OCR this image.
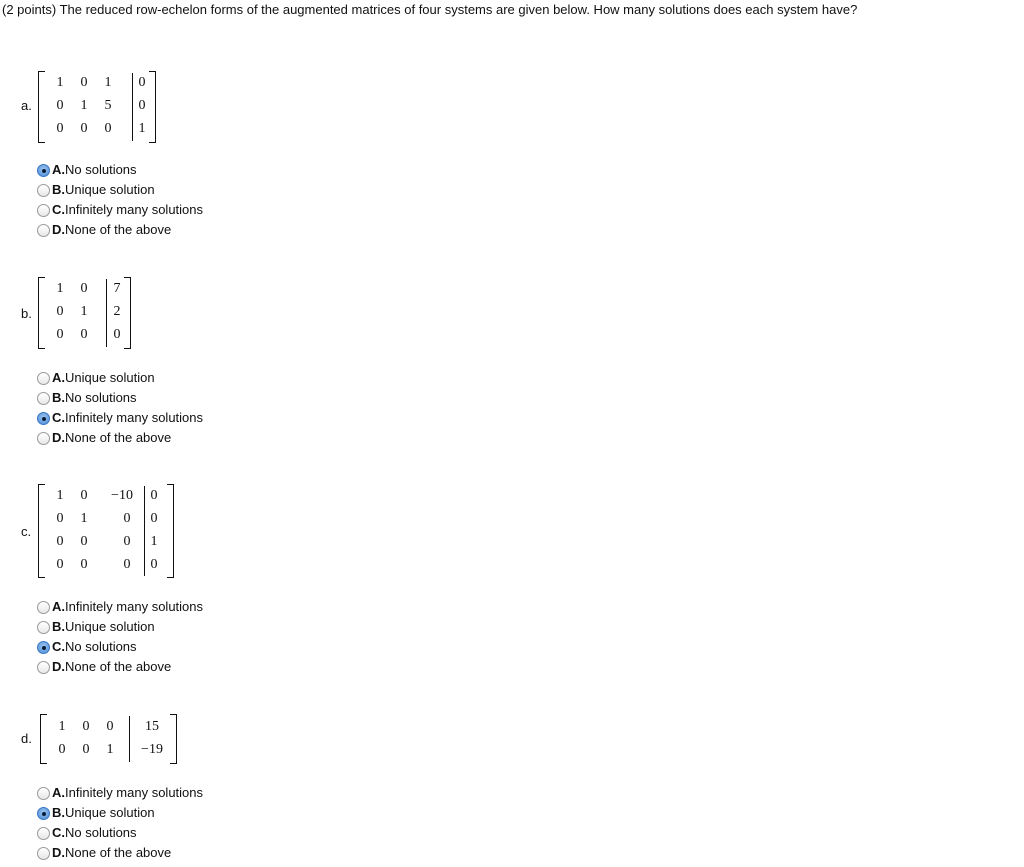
(2 points) The reduced row-echelon forms of the augmented matrices of four systems are given below. How many solutions does each system have?
a.
1 0 1 0
0 1 5 0
0 0 0 1
A. No solutions
B. Unique solution
C. Infinitely many solutions
D. None of the above
b.
1 0 7
0 1 2
0 0 0
A. Unique solution
B. No solutions
C. Infinitely many solutions
D. None of the above
c.
1 0	−10	0
0 1	0 0
0 0	0 1
0 0	0 0
A. Infinitely many solutions
B. Unique solution
C. No solutions
D. None of the above
d.
1 0 0	15
0 0 1	−19
A. Infinitely many solutions
B. Unique solution
C. No solutions
D. None of the above
